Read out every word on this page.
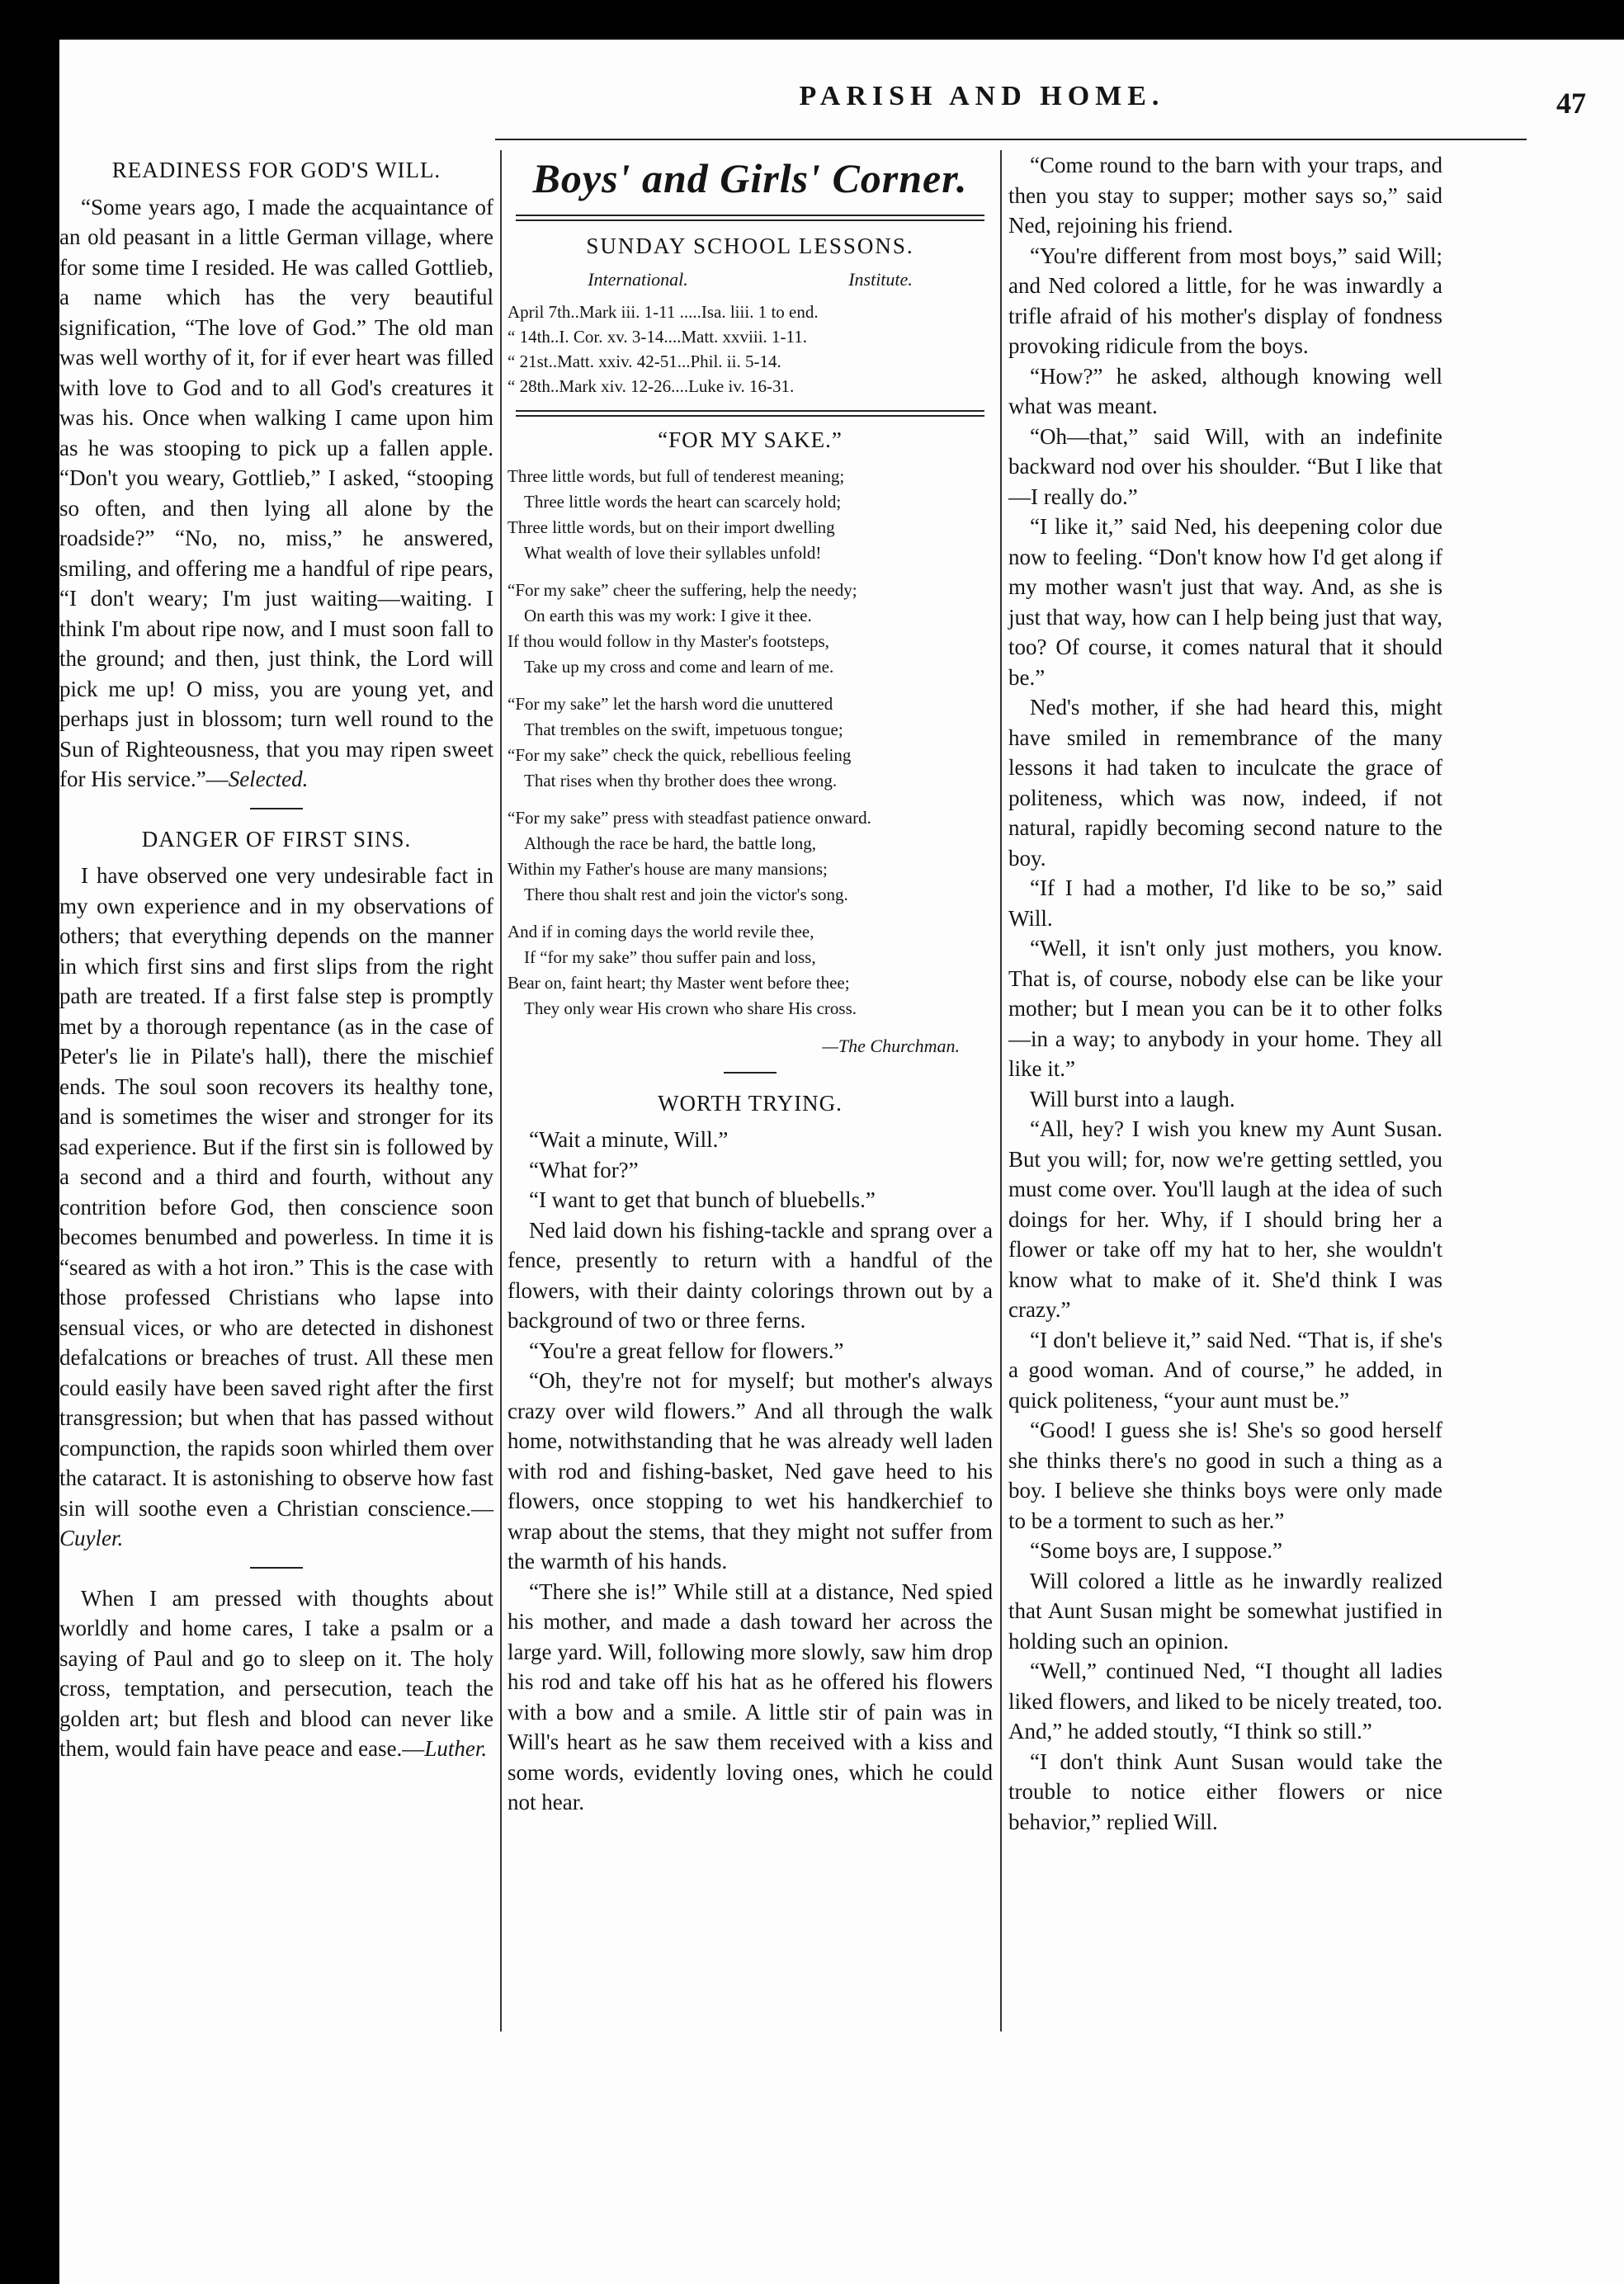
PARISH AND HOME.	47
READINESS FOR GOD'S WILL.

“Some years ago, I made the acquaintance of an old peasant in a little German village, where for some time I resided. He was called Gottlieb, a name which has the very beautiful signification, “The love of God.” The old man was well worthy of it, for if ever heart was filled with love to God and to all God's creatures it was his. Once when walking I came upon him as he was stooping to pick up a fallen apple. “Don't you weary, Gottlieb,” I asked, “stooping so often, and then lying all alone by the roadside?” “No, no, miss,” he answered, smiling, and offering me a handful of ripe pears, “I don't weary; I'm just waiting—waiting. I think I'm about ripe now, and I must soon fall to the ground; and then, just think, the Lord will pick me up! O miss, you are young yet, and perhaps just in blossom; turn well round to the Sun of Righteousness, that you may ripen sweet for His service.”—Selected.

DANGER OF FIRST SINS.

I have observed one very undesirable fact in my own experience and in my observations of others; that everything depends on the manner in which first sins and first slips from the right path are treated. If a first false step is promptly met by a thorough repentance (as in the case of Peter's lie in Pilate's hall), there the mischief ends. The soul soon recovers its healthy tone, and is sometimes the wiser and stronger for its sad experience. But if the first sin is followed by a second and a third and fourth, without any contrition before God, then conscience soon becomes benumbed and powerless. In time it is “seared as with a hot iron.” This is the case with those professed Christians who lapse into sensual vices, or who are detected in dishonest defalcations or breaches of trust. All these men could easily have been saved right after the first transgression; but when that has passed without compunction, the rapids soon whirled them over the cataract. It is astonishing to observe how fast sin will soothe even a Christian conscience.—Cuyler.

When I am pressed with thoughts about worldly and home cares, I take a psalm or a saying of Paul and go to sleep on it. The holy cross, temptation, and persecution, teach the golden art; but flesh and blood can never like them, would fain have peace and ease.—Luther.

Boys' and Girls' Corner.
SUNDAY SCHOOL LESSONS.
International.	Institute.
April 7th..Mark iii. 1-11 .....Isa. liii. 1 to end.
“ 14th..I. Cor. xv. 3-14....Matt. xxviii. 1-11.
“ 21st..Matt. xxiv. 42-51...Phil. ii. 5-14.
“ 28th..Mark xiv. 12-26....Luke iv. 16-31.
“FOR MY SAKE.”
Three little words, but full of tenderest meaning;
Three little words the heart can scarcely hold;
Three little words, but on their import dwelling
What wealth of love their syllables unfold!
“For my sake” cheer the suffering, help the needy;
On earth this was my work: I give it thee.
If thou would follow in thy Master's footsteps,
Take up my cross and come and learn of me.
“For my sake” let the harsh word die unuttered
That trembles on the swift, impetuous tongue;
“For my sake” check the quick, rebellious feeling
That rises when thy brother does thee wrong.
“For my sake” press with steadfast patience onward.
Although the race be hard, the battle long,
Within my Father's house are many mansions;
There thou shalt rest and join the victor's song.
And if in coming days the world revile thee,
If “for my sake” thou suffer pain and loss,
Bear on, faint heart; thy Master went before thee;
They only wear His crown who share His cross.
—The Churchman.
WORTH TRYING.

“Wait a minute, Will.”

“What for?”

“I want to get that bunch of bluebells.”

Ned laid down his fishing-tackle and sprang over a fence, presently to return with a handful of the flowers, with their dainty colorings thrown out by a background of two or three ferns.

“You're a great fellow for flowers.”

“Oh, they're not for myself; but mother's always crazy over wild flowers.” And all through the walk home, notwithstanding that he was already well laden with rod and fishing-basket, Ned gave heed to his flowers, once stopping to wet his handkerchief to wrap about the stems, that they might not suffer from the warmth of his hands.

“There she is!” While still at a distance, Ned spied his mother, and made a dash toward her across the large yard. Will, following more slowly, saw him drop his rod and take off his hat as he offered his flowers with a bow and a smile. A little stir of pain was in Will's heart as he saw them received with a kiss and some words, evidently loving ones, which he could not hear.

“Come round to the barn with your traps, and then you stay to supper; mother says so,” said Ned, rejoining his friend.

“You're different from most boys,” said Will; and Ned colored a little, for he was inwardly a trifle afraid of his mother's display of fondness provoking ridicule from the boys.

“How?” he asked, although knowing well what was meant.

“Oh—that,” said Will, with an indefinite backward nod over his shoulder. “But I like that—I really do.”

“I like it,” said Ned, his deepening color due now to feeling. “Don't know how I'd get along if my mother wasn't just that way. And, as she is just that way, how can I help being just that way, too? Of course, it comes natural that it should be.”

Ned's mother, if she had heard this, might have smiled in remembrance of the many lessons it had taken to inculcate the grace of politeness, which was now, indeed, if not natural, rapidly becoming second nature to the boy.

“If I had a mother, I'd like to be so,” said Will.

“Well, it isn't only just mothers, you know. That is, of course, nobody else can be like your mother; but I mean you can be it to other folks—in a way; to anybody in your home. They all like it.”

Will burst into a laugh.

“All, hey? I wish you knew my Aunt Susan. But you will; for, now we're getting settled, you must come over. You'll laugh at the idea of such doings for her. Why, if I should bring her a flower or take off my hat to her, she wouldn't know what to make of it. She'd think I was crazy.”

“I don't believe it,” said Ned. “That is, if she's a good woman. And of course,” he added, in quick politeness, “your aunt must be.”

“Good! I guess she is! She's so good herself she thinks there's no good in such a thing as a boy. I believe she thinks boys were only made to be a torment to such as her.”

“Some boys are, I suppose.”

Will colored a little as he inwardly realized that Aunt Susan might be somewhat justified in holding such an opinion.

“Well,” continued Ned, “I thought all ladies liked flowers, and liked to be nicely treated, too. And,” he added stoutly, “I think so still.”

“I don't think Aunt Susan would take the trouble to notice either flowers or nice behavior,” replied Will.
